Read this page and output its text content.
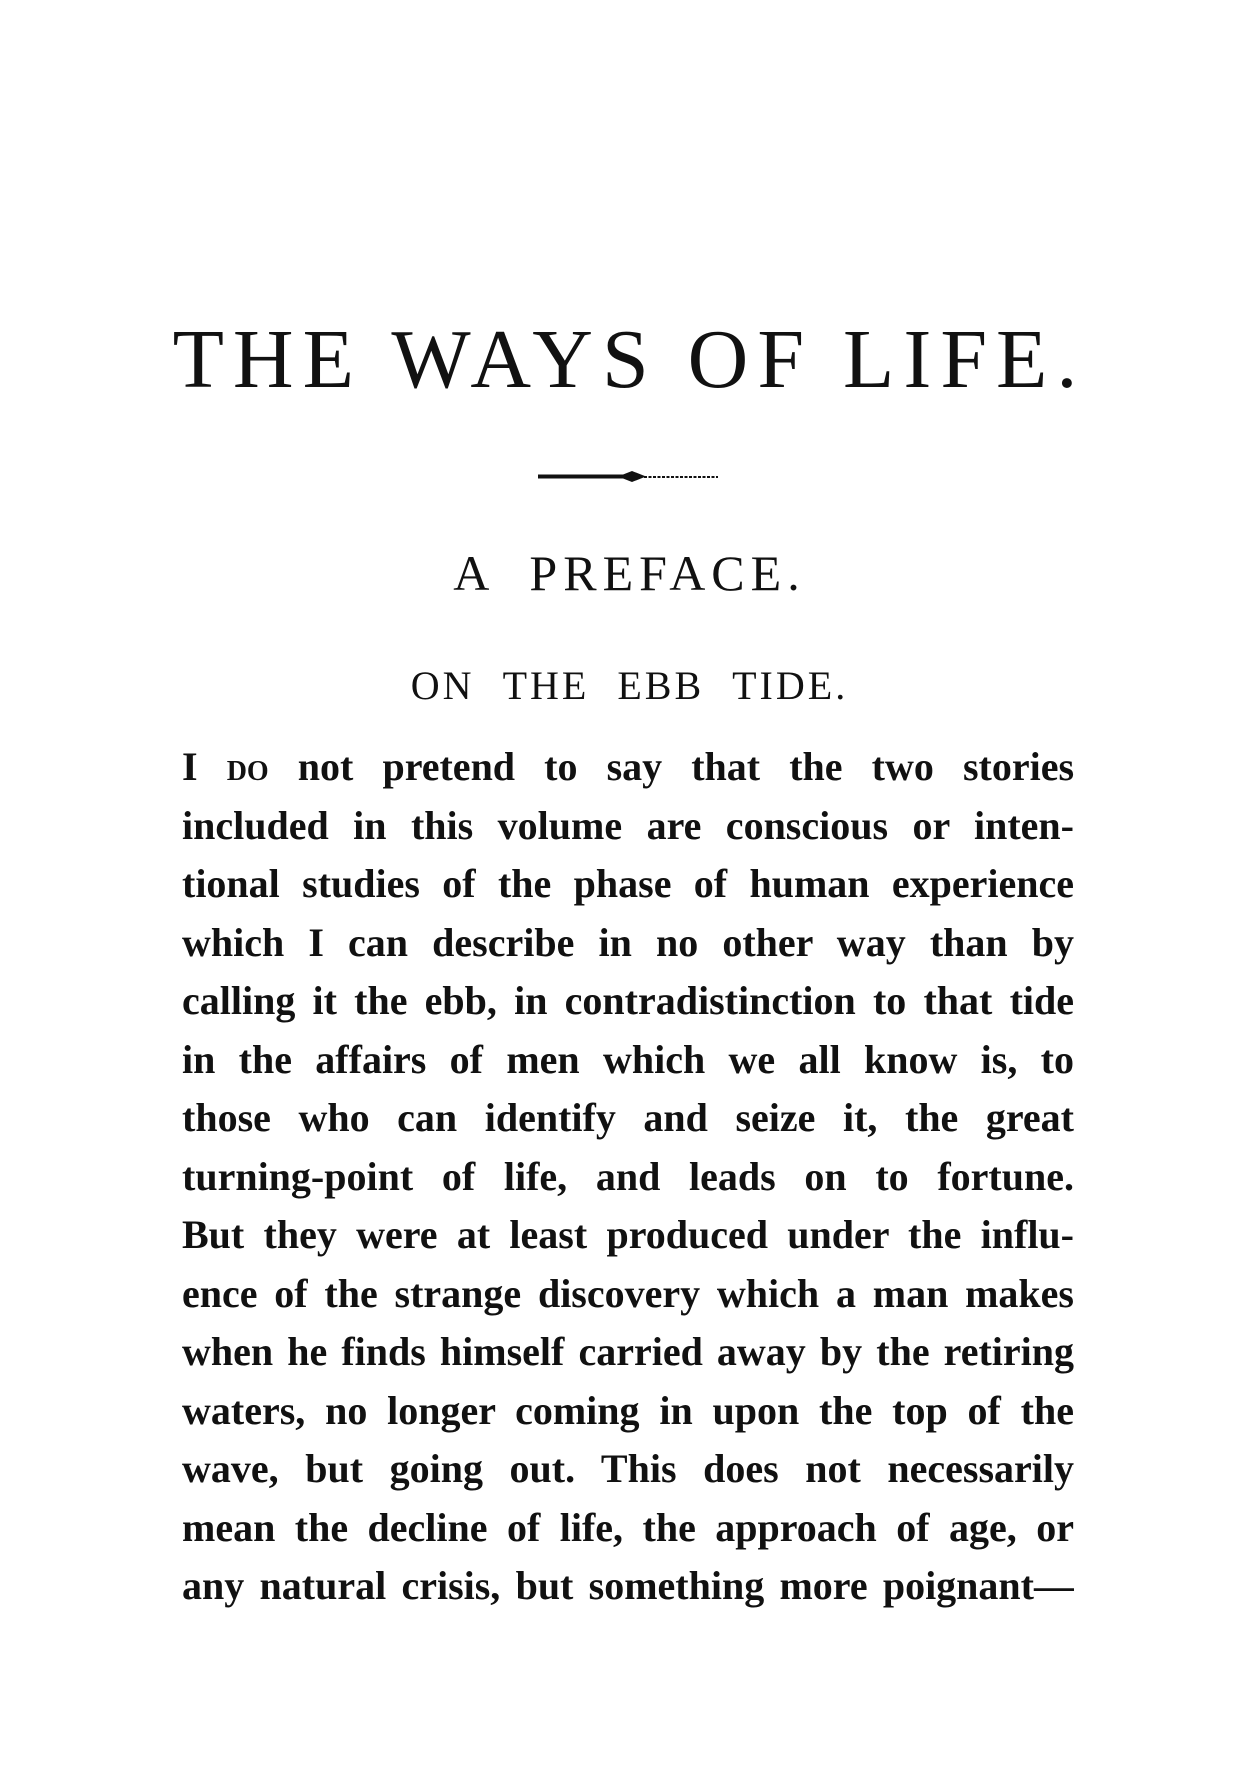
THE WAYS OF LIFE.
A PREFACE.
ON THE EBB TIDE.
I do not pretend to say that the two stories
included in this volume are conscious or inten-
tional studies of the phase of human experience
which I can describe in no other way than by
calling it the ebb, in contradistinction to that tide
in the affairs of men which we all know is, to
those who can identify and seize it, the great
turning-point of life, and leads on to fortune.
But they were at least produced under the influ-
ence of the strange discovery which a man makes
when he finds himself carried away by the retiring
waters, no longer coming in upon the top of the
wave, but going out. This does not necessarily
mean the decline of life, the approach of age, or
any natural crisis, but something more poignant—
